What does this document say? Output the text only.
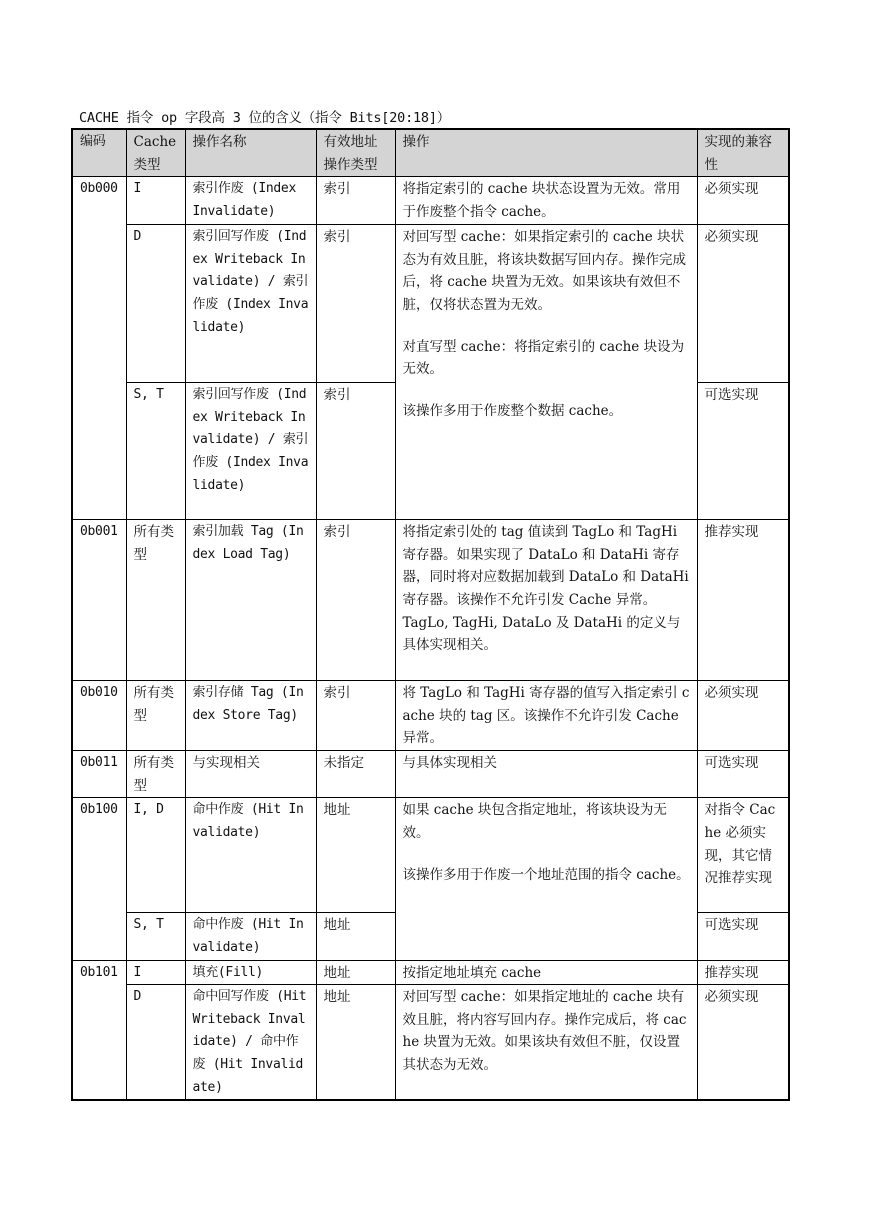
CACHE 指令 op 字段高 3 位的含义（指令 Bits[20:18]）
编码	Cache 类型	操作名称	有效地址操作类型	操作	实现的兼容性
0b000	I	索引作废 (Index Invalidate)	索引	将指定索引的 cache 块状态设置为无效。常用于作废整个指令 cache。	必须实现
	D	索引回写作废 (Index Writeback Invalidate) / 索引作废 (Index Invalidate)	索引	对回写型 cache：如果指定索引的 cache 块状态为有效且脏，将该块数据写回内存。操作完成后，将 cache 块置为无效。如果该块有效但不脏，仅将状态置为无效。

对直写型 cache：将指定索引的 cache 块设为无效。

该操作多用于作废整个数据 cache。	必须实现
	S, T	索引回写作废 (Index Writeback Invalidate) / 索引作废 (Index Invalidate)	索引		可选实现
0b001	所有类型	索引加载 Tag (Index Load Tag)	索引	将指定索引处的 tag 值读到 TagLo 和 TagHi 寄存器。如果实现了 DataLo 和 DataHi 寄存器，同时将对应数据加载到 DataLo 和 DataHi 寄存器。该操作不允许引发 Cache 异常。

TagLo, TagHi, DataLo 及 DataHi 的定义与具体实现相关。	推荐实现
0b010	所有类型	索引存储 Tag (Index Store Tag)	索引	将 TagLo 和 TagHi 寄存器的值写入指定索引 cache 块的 tag 区。该操作不允许引发 Cache 异常。	必须实现
0b011	所有类型	与实现相关	未指定	与具体实现相关	可选实现
0b100	I, D	命中作废 (Hit Invalidate)	地址	如果 cache 块包含指定地址，将该块设为无效。

该操作多用于作废一个地址范围的指令 cache。	对指令 Cache 必须实现，其它情况推荐实现
	S, T	命中作废 (Hit Invalidate)	地址		可选实现
0b101	I	填充(Fill)	地址	按指定地址填充 cache	推荐实现
	D	命中回写作废 (Hit Writeback Invalidate) / 命中作废 (Hit Invalidate)	地址	对回写型 cache：如果指定地址的 cache 块有效且脏，将内容写回内存。操作完成后，将 cache 块置为无效。如果该块有效但不脏，仅设置其状态为无效。	必须实现
